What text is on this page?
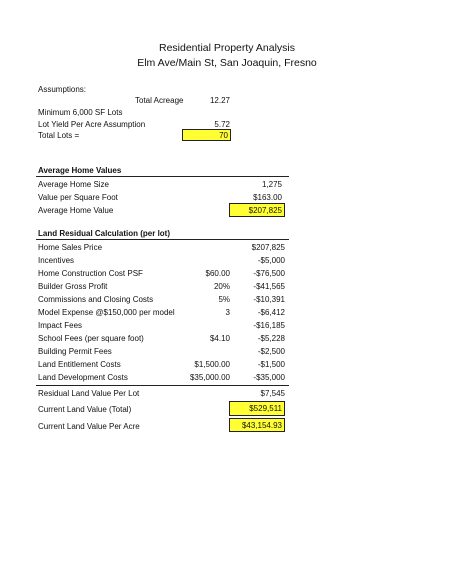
Residential Property Analysis
Elm Ave/Main St, San Joaquin, Fresno
Assumptions:
Total Acreage	12.27
Minimum 6,000 SF Lots
Lot Yield Per Acre Assumption	5.72
Total Lots =	70
Average Home Values
Average Home Size	1,275
Value per Square Foot	$163.00
Average Home Value	$207,825
Land Residual Calculation (per lot)
Home Sales Price	$207,825
Incentives	-$5,000
Home Construction Cost PSF	$60.00	-$76,500
Builder Gross Profit	20%	-$41,565
Commissions and Closing Costs	5%	-$10,391
Model Expense @$150,000 per model	3	-$6,412
Impact Fees	-$16,185
School Fees (per square foot)	$4.10	-$5,228
Building Permit Fees	-$2,500
Land Entitlement Costs	$1,500.00	-$1,500
Land Development Costs	$35,000.00	-$35,000
Residual Land Value Per Lot	$7,545
Current Land Value (Total)	$529,511
Current Land Value Per Acre	$43,154.93
